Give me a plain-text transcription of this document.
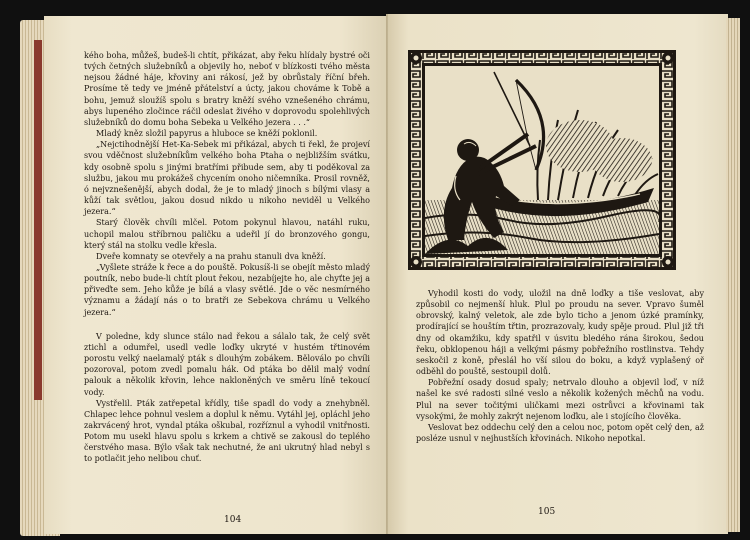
kého boha, můžeš, budeš-li chtít, přikázat, aby řeku hlídaly bystré oči tvých četných služebníků a objevily ho, neboť v blízkosti tvého města nejsou žádné háje, křoviny ani rákosí, jež by obrůstaly říční břeh. Prosíme tě tedy ve jméně přátelství a úcty, jakou chováme k Tobě a bohu, jemuž sloužíš spolu s bratry kněží svého vznešeného chrámu, abys lupeného zločince ráčil odeslat živého v doprovodu spolehlivých služebníků do domu boha Sebeka u Velkého jezera . . .“

Mladý kněz složil papyrus a hluboce se kněží poklonil.

„Nejctihodnější Het-Ka-Sebek mi přikázal, abych ti řekl, že projeví svou vděčnost služebníkům velkého boha Ptaha o nejbližším svátku, kdy osobně spolu s jinými bratřími přibude sem, aby ti poděkoval za službu, jakou mu prokážeš chycením onoho ničemníka. Prosil rovněž, ó nejvznešenější, abych dodal, že je to mladý jinoch s bílými vlasy a kůží tak světlou, jakou dosud nikdo u nikoho neviděl u Velkého jezera.“

Starý člověk chvíli mlčel. Potom pokynul hlavou, natáhl ruku, uchopil malou stříbrnou paličku a udeřil jí do bronzového gongu, který stál na stolku vedle křesla.

Dveře komnaty se otevřely a na prahu stanuli dva kněží.

„Vyšlete stráže k řece a do pouště. Pokusíš-li se obejít město mladý poutník, nebo bude-li chtít plout řekou, nezabíjejte ho, ale chyťte jej a přiveďte sem. Jeho kůže je bílá a vlasy světlé. Jde o věc nesmírného významu a žádají nás o to bratři ze Sebekova chrámu u Velkého jezera.“

V poledne, kdy slunce stálo nad řekou a sálalo tak, že celý svět ztichl a odumřel, usedl vedle loďky ukryté v hustém třtinovém porostu velký naelamalý pták s dlouhým zobákem. Běloválo po chvíli pozoroval, potom zvedl pomalu hák. Od ptáka bo dělil malý vodní palouk a několik křovin, lehce nakloněných ve směru líně tekoucí vody.

Vystřelil. Pták zatřepetal křídly, tiše spadl do vody a znehybněl. Chlapec lehce pohnul veslem a doplul k němu. Vytáhl jej, opláchl jeho zakrvácený hrot, vyndal ptáka oškubal, rozříznul a vyhodil vnitřnosti. Potom mu usekl hlavu spolu s krkem a chtivě se zakousl do teplého čerstvého masa. Býlo však tak nechutné, že ani ukrutný hlad nebyl s to potlačit jeho nelibou chuť.

104

Vyhodil kosti do vody, uložil na dně loďky a tiše veslovat, aby způsobil co nejmenší hluk. Plul po proudu na sever. Vpravo šuměl obrovský, kalný veletok, ale zde bylo ticho a jenom úzké pramínky, prodírající se houštím třtin, prozrazovaly, kudy spěje proud. Plul již tři dny od okamžiku, kdy spatřil v úsvitu bledého rána širokou, šedou řeku, obklopenou háji a velkými pásmy pobřežního rostlinstva. Tehdy seskočil z koně, přeslál ho vší silou do boku, a když vyplašený oř odběhl do pouště, sestoupil dolů.

Pobřežní osady dosud spaly; netrvalo dlouho a objevil loď, v níž našel ke své radosti silné veslo a několik kožených měchů na vodu. Plul na sever točitými uličkami mezi ostrůvci a křovinami tak vysokými, že mohly zakrýt nejenom loďku, ale i stojícího člověka.

Veslovat bez oddechu celý den a celou noc, potom opět celý den, až posléze usnul v nejhustších křovinách. Nikoho nepotkal.

105
